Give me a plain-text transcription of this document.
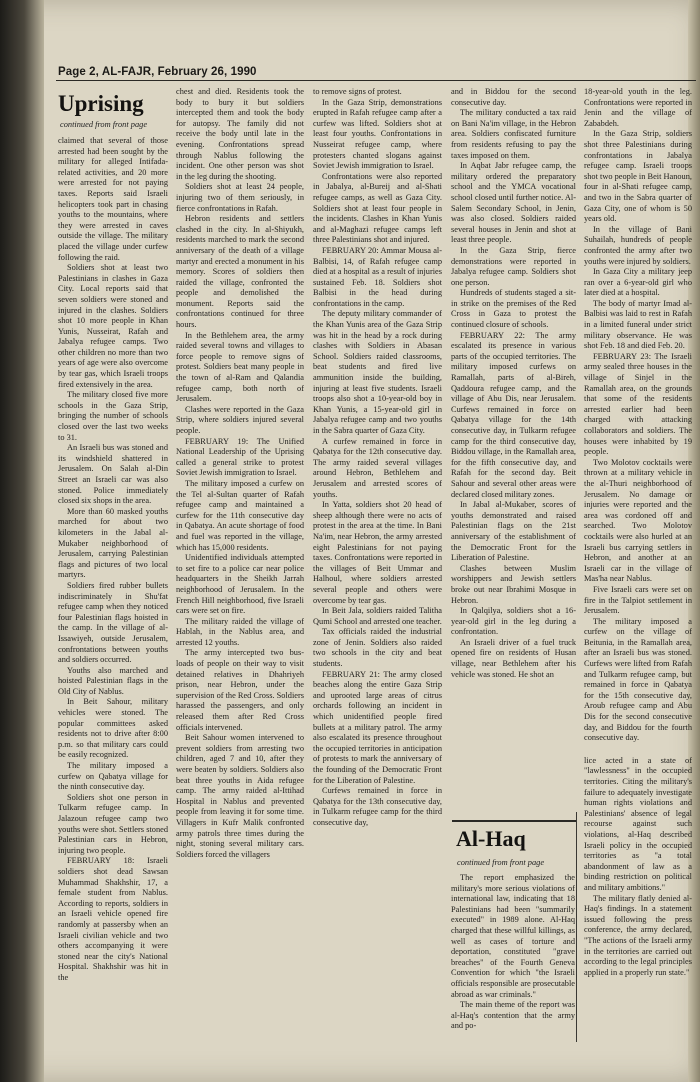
Page 2, AL-FAJR, February 26, 1990
Uprising
continued from front page

claimed that several of those arrested had been sought by the military for alleged Intifada-related activities, and 20 more were arrested for not paying taxes. Reports said Israeli helicopters took part in chasing youths to the mountains, where they were arrested in caves outside the village. The military placed the village under curfew following the raid.

Soldiers shot at least two Palestinians in clashes in Gaza City. Local reports said that seven soldiers were stoned and injured in the clashes. Soldiers shot 10 more people in Khan Yunis, Nusseirat, Rafah and Jabalya refugee camps. Two other children no more than two years of age were also overcome by tear gas, which Israeli troops fired extensively in the area.

The military closed five more schools in the Gaza Strip, bringing the number of schools closed over the last two weeks to 31.

An Israeli bus was stoned and its windshield shattered in Jerusalem. On Salah al-Din Street an Israeli car was also stoned. Police immediately closed six shops in the area.

More than 60 masked youths marched for about two kilometers in the Jabal al-Mukaber neighborhood of Jerusalem, carrying Palestinian flags and pictures of two local martyrs.

Soldiers fired rubber bullets indiscriminately in Shu'fat refugee camp when they noticed four Palestinian flags hoisted in the camp. In the village of al-Issawiyeh, outside Jerusalem, confrontations between youths and soldiers occurred.

Youths also marched and hoisted Palestinian flags in the Old City of Nablus.

In Beit Sahour, military vehicles were stoned. The popular committees asked residents not to drive after 8:00 p.m. so that military cars could be easily recognized.

The military imposed a curfew on Qabatya village for the ninth consecutive day.

Soldiers shot one person in Tulkarm refugee camp. In Jalazoun refugee camp two youths were shot. Settlers stoned Palestinian cars in Hebron, injuring two people.

FEBRUARY 18: Israeli soldiers shot dead Sawsan Muhammad Shakhshir, 17, a female student from Nablus. According to reports, soldiers in an Israeli vehicle opened fire randomly at passersby when an Israeli civilian vehicle and two others accompanying it were stoned near the city's National Hospital. Shakhshir was hit in the

chest and died. Residents took the body to bury it but soldiers intercepted them and took the body for autopsy. The family did not receive the body until late in the evening. Confrontations spread through Nablus following the incident. One other person was shot in the leg during the shooting.

Soldiers shot at least 24 people, injuring two of them seriously, in fierce confrontations in Rafah.

Hebron residents and settlers clashed in the city. In al-Shiyukh, residents marched to mark the second anniversary of the death of a village martyr and erected a monument in his memory. Scores of soldiers then raided the village, confronted the people and demolished the monument. Reports said the confrontations continued for three hours.

In the Bethlehem area, the army raided several towns and villages to force people to remove signs of protest. Soldiers beat many people in the town of al-Ram and Qalandia refugee camp, both north of Jerusalem.

Clashes were reported in the Gaza Strip, where soldiers injured several people.

FEBRUARY 19: The Unified National Leadership of the Uprising called a general strike to protest Soviet Jewish immigration to Israel.

The military imposed a curfew on the Tel al-Sultan quarter of Rafah refugee camp and maintained a curfew for the 11th consecutive day in Qabatya. An acute shortage of food and fuel was reported in the village, which has 15,000 residents.

Unidentified individuals attempted to set fire to a police car near police headquarters in the Sheikh Jarrah neighborhood of Jerusalem. In the French Hill neighborhood, five Israeli cars were set on fire.

The military raided the village of Hablah, in the Nablus area, and arrested 12 youths.

The army intercepted two bus-loads of people on their way to visit detained relatives in Dhahriyeh prison, near Hebron, under the supervision of the Red Cross. Soldiers harassed the passengers, and only released them after Red Cross officials intervened.

Beit Sahour women intervened to prevent soldiers from arresting two children, aged 7 and 10, after they were beaten by soldiers. Soldiers also beat three youths in Aida refugee camp. The army raided al-Ittihad Hospital in Nablus and prevented people from leaving it for some time. Villagers in Kufr Malik confronted army patrols three times during the night, stoning several military cars. Soldiers forced the villagers

to remove signs of protest.

In the Gaza Strip, demonstrations erupted in Rafah refugee camp after a curfew was lifted. Soldiers shot at least four youths. Confrontations in Nusseirat refugee camp, where protesters chanted slogans against Soviet Jewish immigration to Israel.

Confrontations were also reported in Jabalya, al-Bureij and al-Shati refugee camps, as well as Gaza City. Soldiers shot at least four people in the incidents. Clashes in Khan Yunis and al-Maghazi refugee camps left three Palestinians shot and injured.

FEBRUARY 20: Ammar Mousa al-Balbisi, 14, of Rafah refugee camp died at a hospital as a result of injuries sustained Feb. 18. Soldiers shot Balbisi in the head during confrontations in the camp.

The deputy military commander of the Khan Yunis area of the Gaza Strip was hit in the head by a rock during clashes with Soldiers in Abasan School. Soldiers raided classrooms, beat students and fired live ammunition inside the building, injuring at least five students. Israeli troops also shot a 10-year-old boy in Khan Yunis, a 15-year-old girl in Jabalya refugee camp and two youths in the Sabra quarter of Gaza City.

A curfew remained in force in Qabatya for the 12th consecutive day. The army raided several villages around Hebron, Bethlehem and Jerusalem and arrested scores of youths.

In Yatta, soldiers shot 20 head of sheep although there were no acts of protest in the area at the time. In Bani Na'im, near Hebron, the army arrested eight Palestinians for not paying taxes. Confrontations were reported in the villages of Beit Ummar and Halhoul, where soldiers arrested several people and others were overcome by tear gas.

In Beit Jala, soldiers raided Talitha Qumi School and arrested one teacher.

Tax officials raided the industrial zone of Jenin. Soldiers also raided two schools in the city and beat students.

FEBRUARY 21: The army closed beaches along the entire Gaza Strip and uprooted large areas of citrus orchards following an incident in which unidentified people fired bullets at a military patrol. The army also escalated its presence throughout the occupied territories in anticipation of protests to mark the anniversary of the founding of the Democratic Front for the Liberation of Palestine.

Curfews remained in force in Qabatya for the 13th consecutive day, in Tulkarm refugee camp for the third consecutive day,

and in Biddou for the second consecutive day.

The military conducted a tax raid on Bani Na'im village, in the Hebron area. Soldiers confiscated furniture from residents refusing to pay the taxes imposed on them.

In Aqbat Jabr refugee camp, the military ordered the preparatory school and the YMCA vocational school closed until further notice. Al-Salem Secondary School, in Jenin, was also closed. Soldiers raided several houses in Jenin and shot at least three people.

In the Gaza Strip, fierce demonstrations were reported in Jabalya refugee camp. Soldiers shot one person.

Hundreds of students staged a sit-in strike on the premises of the Red Cross in Gaza to protest the continued closure of schools.

FEBRUARY 22: The army escalated its presence in various parts of the occupied territories. The military imposed curfews on Ramallah, parts of al-Bireh, Qaddoura refugee camp, and the village of Abu Dis, near Jerusalem. Curfews remained in force on Qabatya village for the 14th consecutive day, in Tulkarm refugee camp for the third consecutive day, Biddou village, in the Ramallah area, for the fifth consecutive day, and Rafah for the second day. Beit Sahour and several other areas were declared closed military zones.

In Jabal al-Mukaber, scores of youths demonstrated and raised Palestinian flags on the 21st anniversary of the establishment of the Democratic Front for the Liberation of Palestine.

Clashes between Muslim worshippers and Jewish settlers broke out near Ibrahimi Mosque in Hebron.

In Qalqilya, soldiers shot a 16-year-old girl in the leg during a confrontation.

An Israeli driver of a fuel truck opened fire on residents of Husan village, near Bethlehem after his vehicle was stoned. He shot an

Al-Haq
continued from front page

The report emphasized the military's more serious violations of international law, indicating that 18 Palestinians had been "summarily executed" in 1989 alone. Al-Haq charged that these willful killings, as well as cases of torture and deportation, constituted "grave breaches" of the Fourth Geneva Convention for which "the Israeli officials responsible are prosecutable abroad as war criminals."

The main theme of the report was al-Haq's contention that the army and po-

18-year-old youth in the leg. Confrontations were reported in Jenin and the village of Zababdeh.

In the Gaza Strip, soldiers shot three Palestinians during confrontations in Jabalya refugee camp. Israeli troops shot two people in Beit Hanoun, four in al-Shati refugee camp, and two in the Sabra quarter of Gaza City, one of whom is 50 years old.

In the village of Bani Suhailah, hundreds of people confronted the army after two youths were injured by soldiers.

In Gaza City a military jeep ran over a 6-year-old girl who later died at a hospital.

The body of martyr Imad al-Balbisi was laid to rest in Rafah in a limited funeral under strict military observance. He was shot Feb. 18 and died Feb. 20.

FEBRUARY 23: The Israeli army sealed three houses in the village of Sinjel in the Ramallah area, on the grounds that some of the residents arrested earlier had been charged with attacking collaborators and soldiers. The houses were inhabited by 19 people.

Two Molotov cocktails were thrown at a military vehicle in the al-Thuri neighborhood of Jerusalem. No damage or injuries were reported and the area was cordoned off and searched. Two Molotov cocktails were also hurled at an Israeli bus carrying settlers in Hebron, and another at an Israeli car in the village of Mas'ha near Nablus.

Five Israeli cars were set on fire in the Talpiot settlement in Jerusalem.

The military imposed a curfew on the village of Beitunia, in the Ramallah area, after an Israeli bus was stoned. Curfews were lifted from Rafah and Tulkarm refugee camp, but remained in force in Qabatya for the 15th consecutive day, Aroub refugee camp and Abu Dis for the second consecutive day, and Biddou for the fourth consecutive day.

lice acted in a state of "lawlessness" in the occupied territories. Citing the military's failure to adequately investigate human rights violations and Palestinians' absence of legal recourse against such violations, al-Haq described Israeli policy in the occupied territories as "a total abandonment of law as a binding restriction on political and military ambitions."

The military flatly denied al-Haq's findings. In a statement issued following the press conference, the army declared, "The actions of the Israeli army in the territories are carried out according to the legal principles applied in a properly run state."
